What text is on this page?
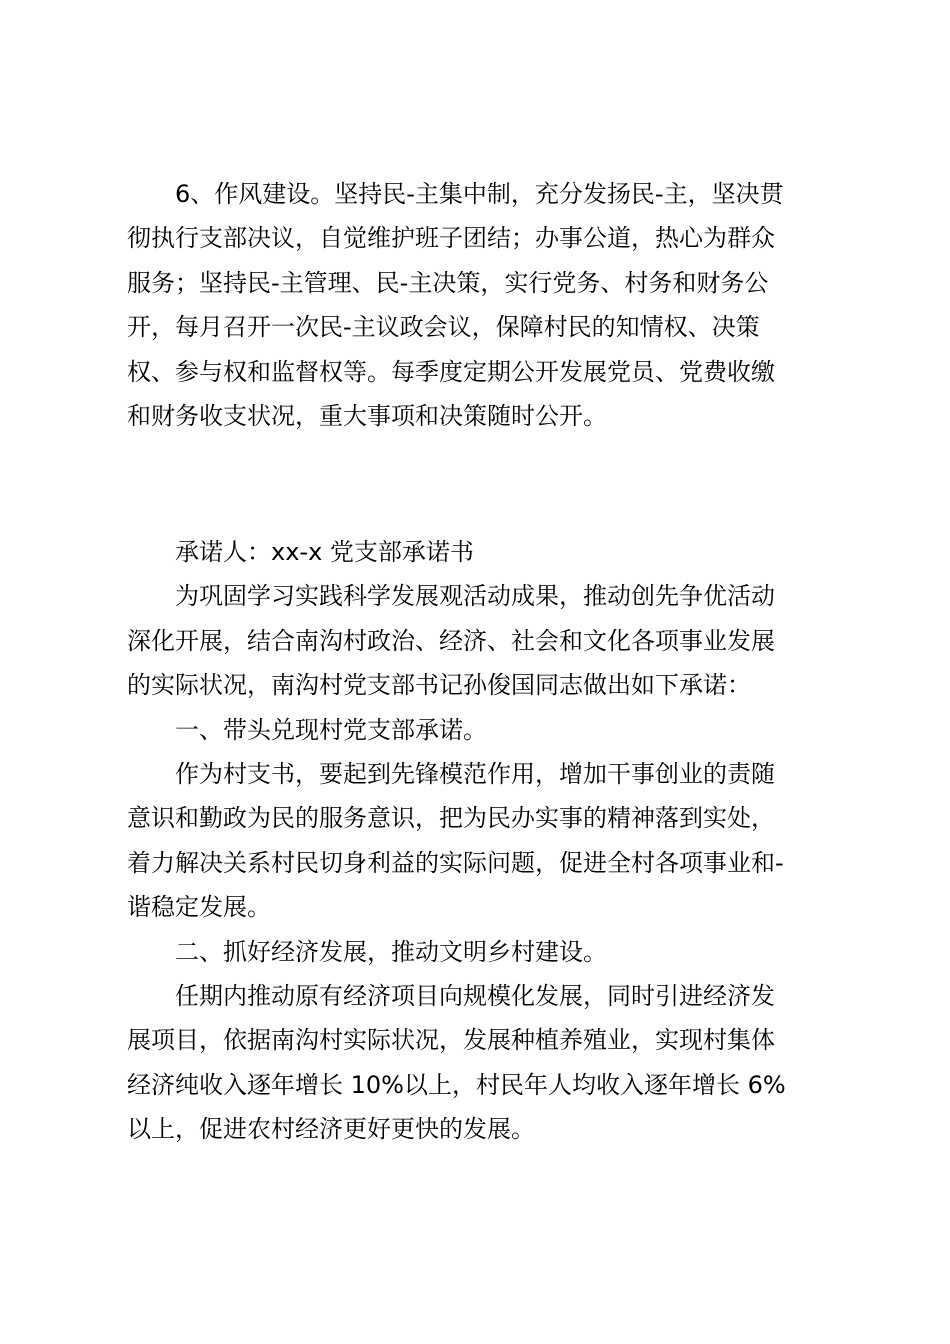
　　6、作风建设。坚持民-主集中制，充分发扬民-主，坚决贯
彻执行支部决议，自觉维护班子团结；办事公道，热心为群众
服务；坚持民-主管理、民-主决策，实行党务、村务和财务公
开，每月召开一次民-主议政会议，保障村民的知情权、决策
权、参与权和监督权等。每季度定期公开发展党员、党费收缴
和财务收支状况，重大事项和决策随时公开。
　　承诺人：xx-x 党支部承诺书
　　为巩固学习实践科学发展观活动成果，推动创先争优活动
深化开展，结合南沟村政治、经济、社会和文化各项事业发展
的实际状况，南沟村党支部书记孙俊国同志做出如下承诺：
　　一、带头兑现村党支部承诺。
　　作为村支书，要起到先锋模范作用，增加干事创业的责随
意识和勤政为民的服务意识，把为民办实事的精神落到实处，
着力解决关系村民切身利益的实际问题，促进全村各项事业和-
谐稳定发展。
　　二、抓好经济发展，推动文明乡村建设。
　　任期内推动原有经济项目向规模化发展，同时引进经济发
展项目，依据南沟村实际状况，发展种植养殖业，实现村集体
经济纯收入逐年增长 10%以上，村民年人均收入逐年增长 6%
以上，促进农村经济更好更快的发展。
